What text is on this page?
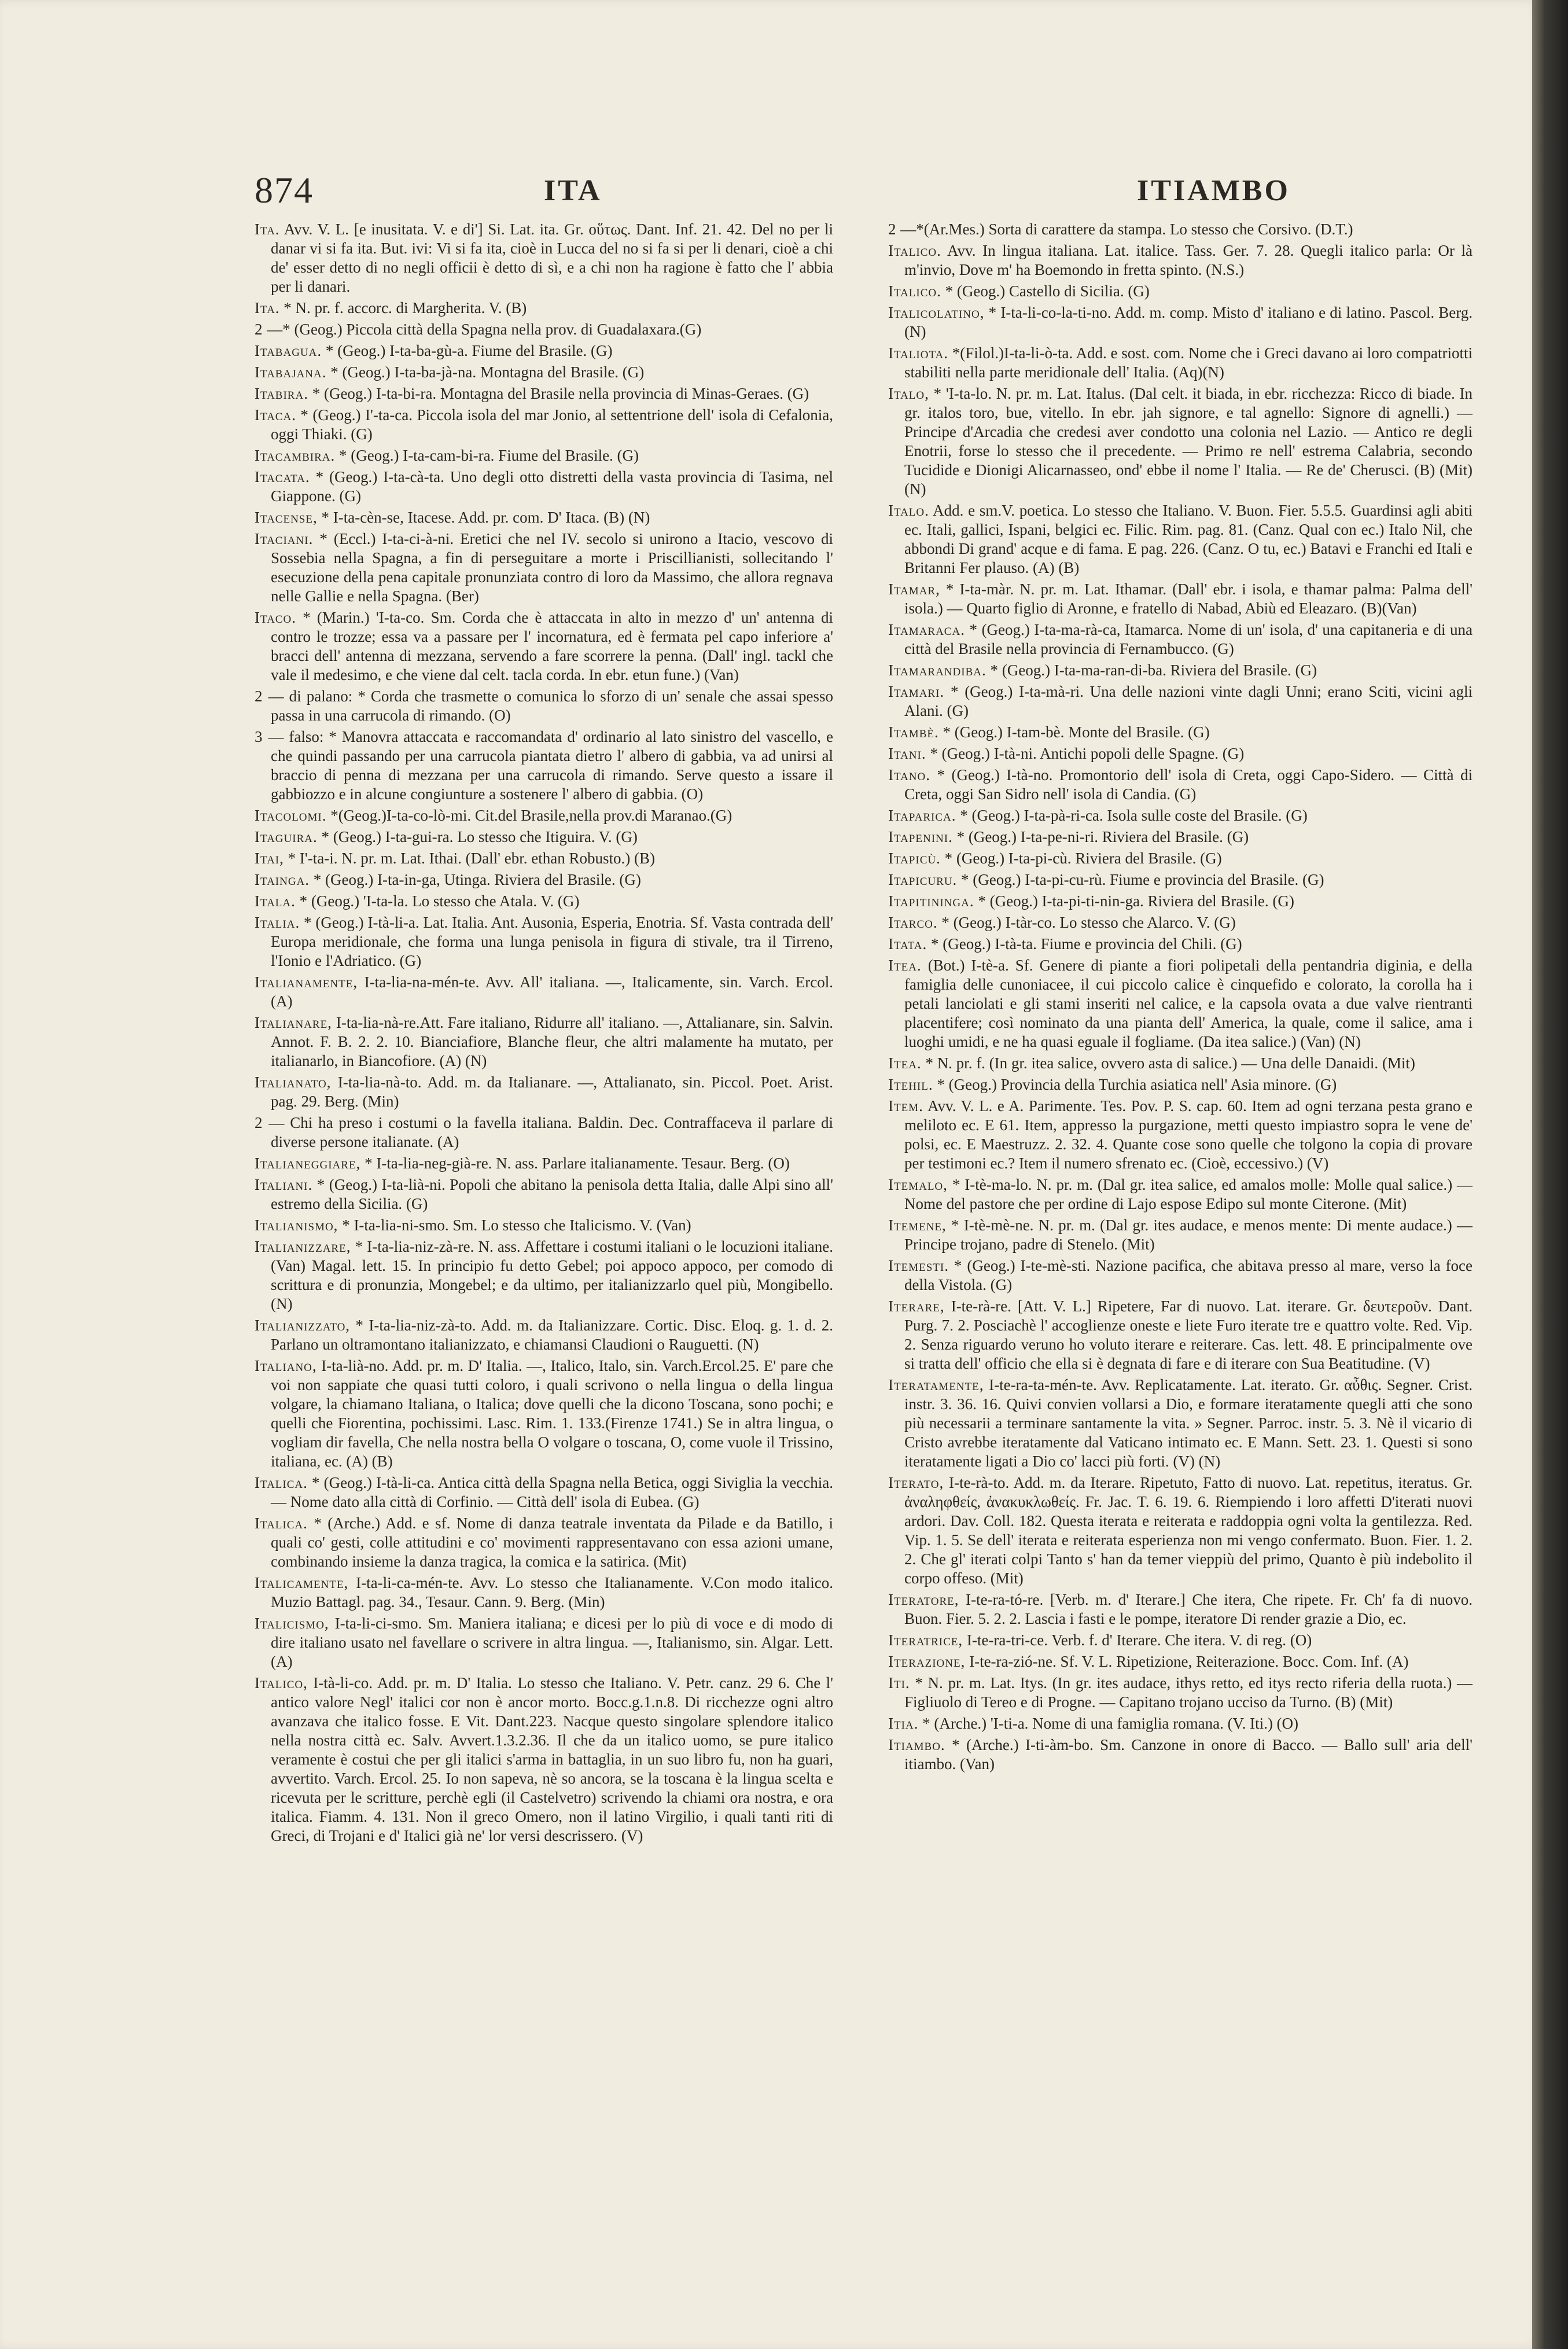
874	ITA	ITIAMBO

Ita. Avv. V. L. [e inusitata. V. e di'] Si. Lat. ita. Gr. οὕτως. Dant. Inf. 21. 42. Del no per li danar vi si fa ita. But. ivi: Vi si fa ita, cioè in Lucca del no si fa si per li denari, cioè a chi de' esser detto di no negli officii è detto di sì, e a chi non ha ragione è fatto che l' abbia per li danari.

Ita. * N. pr. f. accorc. di Margherita. V. (B)

2 —* (Geog.) Piccola città della Spagna nella prov. di Guadalaxara.(G)

Itabagua. * (Geog.) I-ta-ba-gù-a. Fiume del Brasile. (G)

Itabajana. * (Geog.) I-ta-ba-jà-na. Montagna del Brasile. (G)

Itabira. * (Geog.) I-ta-bi-ra. Montagna del Brasile nella provincia di Minas-Geraes. (G)

Itaca. * (Geog.) I'-ta-ca. Piccola isola del mar Jonio, al settentrione dell' isola di Cefalonia, oggi Thiaki. (G)

Itacambira. * (Geog.) I-ta-cam-bi-ra. Fiume del Brasile. (G)

Itacata. * (Geog.) I-ta-cà-ta. Uno degli otto distretti della vasta provincia di Tasima, nel Giappone. (G)

Itacense, * I-ta-cèn-se, Itacese. Add. pr. com. D' Itaca. (B) (N)

Itaciani. * (Eccl.) I-ta-ci-à-ni. Eretici che nel IV. secolo si unirono a Itacio, vescovo di Sossebia nella Spagna, a fin di perseguitare a morte i Priscillianisti, sollecitando l' esecuzione della pena capitale pronunziata contro di loro da Massimo, che allora regnava nelle Gallie e nella Spagna. (Ber)

Itaco. * (Marin.) 'I-ta-co. Sm. Corda che è attaccata in alto in mezzo d' un' antenna di contro le trozze; essa va a passare per l' incornatura, ed è fermata pel capo inferiore a' bracci dell' antenna di mezzana, servendo a fare scorrere la penna. (Dall' ingl. tackl che vale il medesimo, e che viene dal celt. tacla corda. In ebr. etun fune.) (Van)

2 — di palano: * Corda che trasmette o comunica lo sforzo di un' senale che assai spesso passa in una carrucola di rimando. (O)

3 — falso: * Manovra attaccata e raccomandata d' ordinario al lato sinistro del vascello, e che quindi passando per una carrucola piantata dietro l' albero di gabbia, va ad unirsi al braccio di penna di mezzana per una carrucola di rimando. Serve questo a issare il gabbiozzo e in alcune congiunture a sostenere l' albero di gabbia. (O)

Itacolomi. *(Geog.)I-ta-co-lò-mi. Cit.del Brasile,nella prov.di Maranao.(G)

Itaguira. * (Geog.) I-ta-gui-ra. Lo stesso che Itiguira. V. (G)

Itai, * I'-ta-i. N. pr. m. Lat. Ithai. (Dall' ebr. ethan Robusto.) (B)

Itainga. * (Geog.) I-ta-in-ga, Utinga. Riviera del Brasile. (G)

Itala. * (Geog.) 'I-ta-la. Lo stesso che Atala. V. (G)

Italia. * (Geog.) I-tà-li-a. Lat. Italia. Ant. Ausonia, Esperia, Enotria. Sf. Vasta contrada dell' Europa meridionale, che forma una lunga penisola in figura di stivale, tra il Tirreno, l'Ionio e l'Adriatico. (G)

Italianamente, I-ta-lia-na-mén-te. Avv. All' italiana. —, Italicamente, sin. Varch. Ercol. (A)

Italianare, I-ta-lia-nà-re.Att. Fare italiano, Ridurre all' italiano. —, Attalianare, sin. Salvin. Annot. F. B. 2. 2. 10. Bianciafiore, Blanche fleur, che altri malamente ha mutato, per italianarlo, in Biancofiore. (A) (N)

Italianato, I-ta-lia-nà-to. Add. m. da Italianare. —, Attalianato, sin. Piccol. Poet. Arist. pag. 29. Berg. (Min)

2 — Chi ha preso i costumi o la favella italiana. Baldin. Dec. Contraffaceva il parlare di diverse persone italianate. (A)

Italianeggiare, * I-ta-lia-neg-già-re. N. ass. Parlare italianamente. Tesaur. Berg. (O)

Italiani. * (Geog.) I-ta-lià-ni. Popoli che abitano la penisola detta Italia, dalle Alpi sino all' estremo della Sicilia. (G)

Italianismo, * I-ta-lia-ni-smo. Sm. Lo stesso che Italicismo. V. (Van)

Italianizzare, * I-ta-lia-niz-zà-re. N. ass. Affettare i costumi italiani o le locuzioni italiane. (Van) Magal. lett. 15. In principio fu detto Gebel; poi appoco appoco, per comodo di scrittura e di pronunzia, Mongebel; e da ultimo, per italianizzarlo quel più, Mongibello. (N)

Italianizzato, * I-ta-lia-niz-zà-to. Add. m. da Italianizzare. Cortic. Disc. Eloq. g. 1. d. 2. Parlano un oltramontano italianizzato, e chiamansi Claudioni o Rauguetti. (N)

Italiano, I-ta-lià-no. Add. pr. m. D' Italia. —, Italico, Italo, sin. Varch.Ercol.25. E' pare che voi non sappiate che quasi tutti coloro, i quali scrivono o nella lingua o della lingua volgare, la chiamano Italiana, o Italica; dove quelli che la dicono Toscana, sono pochi; e quelli che Fiorentina, pochissimi. Lasc. Rim. 1. 133.(Firenze 1741.) Se in altra lingua, o vogliam dir favella, Che nella nostra bella O volgare o toscana, O, come vuole il Trissino, italiana, ec. (A) (B)

Italica. * (Geog.) I-tà-li-ca. Antica città della Spagna nella Betica, oggi Siviglia la vecchia. — Nome dato alla città di Corfinio. — Città dell' isola di Eubea. (G)

Italica. * (Arche.) Add. e sf. Nome di danza teatrale inventata da Pilade e da Batillo, i quali co' gesti, colle attitudini e co' movimenti rappresentavano con essa azioni umane, combinando insieme la danza tragica, la comica e la satirica. (Mit)

Italicamente, I-ta-li-ca-mén-te. Avv. Lo stesso che Italianamente. V.Con modo italico. Muzio Battagl. pag. 34., Tesaur. Cann. 9. Berg. (Min)

Italicismo, I-ta-li-ci-smo. Sm. Maniera italiana; e dicesi per lo più di voce e di modo di dire italiano usato nel favellare o scrivere in altra lingua. —, Italianismo, sin. Algar. Lett. (A)

Italico, I-tà-li-co. Add. pr. m. D' Italia. Lo stesso che Italiano. V. Petr. canz. 29 6. Che l' antico valore Negl' italici cor non è ancor morto. Bocc.g.1.n.8. Di ricchezze ogni altro avanzava che italico fosse. E Vit. Dant.223. Nacque questo singolare splendore italico nella nostra città ec. Salv. Avvert.1.3.2.36. Il che da un italico uomo, se pure italico veramente è costui che per gli italici s'arma in battaglia, in un suo libro fu, non ha guari, avvertito. Varch. Ercol. 25. Io non sapeva, nè so ancora, se la toscana è la lingua scelta e ricevuta per le scritture, perchè egli (il Castelvetro) scrivendo la chiami ora nostra, e ora italica. Fiamm. 4. 131. Non il greco Omero, non il latino Virgilio, i quali tanti riti di Greci, di Trojani e d' Italici già ne' lor versi descrissero. (V)

2 —*(Ar.Mes.) Sorta di carattere da stampa. Lo stesso che Corsivo. (D.T.)

Italico. Avv. In lingua italiana. Lat. italice. Tass. Ger. 7. 28. Quegli italico parla: Or là m'invio, Dove m' ha Boemondo in fretta spinto. (N.S.)

Italico. * (Geog.) Castello di Sicilia. (G)

Italicolatino, * I-ta-li-co-la-ti-no. Add. m. comp. Misto d' italiano e di latino. Pascol. Berg. (N)

Italiota. *(Filol.)I-ta-li-ò-ta. Add. e sost. com. Nome che i Greci davano ai loro compatriotti stabiliti nella parte meridionale dell' Italia. (Aq)(N)

Italo, * 'I-ta-lo. N. pr. m. Lat. Italus. (Dal celt. it biada, in ebr. ricchezza: Ricco di biade. In gr. italos toro, bue, vitello. In ebr. jah signore, e tal agnello: Signore di agnelli.) — Principe d'Arcadia che credesi aver condotto una colonia nel Lazio. — Antico re degli Enotrii, forse lo stesso che il precedente. — Primo re nell' estrema Calabria, secondo Tucidide e Dionigi Alicarnasseo, ond' ebbe il nome l' Italia. — Re de' Cherusci. (B) (Mit) (N)

Italo. Add. e sm.V. poetica. Lo stesso che Italiano. V. Buon. Fier. 5.5.5. Guardinsi agli abiti ec. Itali, gallici, Ispani, belgici ec. Filic. Rim. pag. 81. (Canz. Qual con ec.) Italo Nil, che abbondi Di grand' acque e di fama. E pag. 226. (Canz. O tu, ec.) Batavi e Franchi ed Itali e Britanni Fer plauso. (A) (B)

Itamar, * I-ta-màr. N. pr. m. Lat. Ithamar. (Dall' ebr. i isola, e thamar palma: Palma dell' isola.) — Quarto figlio di Aronne, e fratello di Nabad, Abiù ed Eleazaro. (B)(Van)

Itamaraca. * (Geog.) I-ta-ma-rà-ca, Itamarca. Nome di un' isola, d' una capitaneria e di una città del Brasile nella provincia di Fernambucco. (G)

Itamarandiba. * (Geog.) I-ta-ma-ran-di-ba. Riviera del Brasile. (G)

Itamari. * (Geog.) I-ta-mà-ri. Una delle nazioni vinte dagli Unni; erano Sciti, vicini agli Alani. (G)

Itambè. * (Geog.) I-tam-bè. Monte del Brasile. (G)

Itani. * (Geog.) I-tà-ni. Antichi popoli delle Spagne. (G)

Itano. * (Geog.) I-tà-no. Promontorio dell' isola di Creta, oggi Capo-Sidero. — Città di Creta, oggi San Sidro nell' isola di Candia. (G)

Itaparica. * (Geog.) I-ta-pà-ri-ca. Isola sulle coste del Brasile. (G)

Itapenini. * (Geog.) I-ta-pe-ni-ri. Riviera del Brasile. (G)

Itapicù. * (Geog.) I-ta-pi-cù. Riviera del Brasile. (G)

Itapicuru. * (Geog.) I-ta-pi-cu-rù. Fiume e provincia del Brasile. (G)

Itapitininga. * (Geog.) I-ta-pi-ti-nin-ga. Riviera del Brasile. (G)

Itarco. * (Geog.) I-tàr-co. Lo stesso che Alarco. V. (G)

Itata. * (Geog.) I-tà-ta. Fiume e provincia del Chili. (G)

Itea. (Bot.) I-tè-a. Sf. Genere di piante a fiori polipetali della pentandria diginia, e della famiglia delle cunoniacee, il cui piccolo calice è cinquefido e colorato, la corolla ha i petali lanciolati e gli stami inseriti nel calice, e la capsola ovata a due valve rientranti placentifere; così nominato da una pianta dell' America, la quale, come il salice, ama i luoghi umidi, e ne ha quasi eguale il fogliame. (Da itea salice.) (Van) (N)

Itea. * N. pr. f. (In gr. itea salice, ovvero asta di salice.) — Una delle Danaidi. (Mit)

Itehil. * (Geog.) Provincia della Turchia asiatica nell' Asia minore. (G)

Item. Avv. V. L. e A. Parimente. Tes. Pov. P. S. cap. 60. Item ad ogni terzana pesta grano e meliloto ec. E 61. Item, appresso la purgazione, metti questo impiastro sopra le vene de' polsi, ec. E Maestruzz. 2. 32. 4. Quante cose sono quelle che tolgono la copia di provare per testimoni ec.? Item il numero sfrenato ec. (Cioè, eccessivo.) (V)

Itemalo, * I-tè-ma-lo. N. pr. m. (Dal gr. itea salice, ed amalos molle: Molle qual salice.) — Nome del pastore che per ordine di Lajo espose Edipo sul monte Citerone. (Mit)

Itemene, * I-tè-mè-ne. N. pr. m. (Dal gr. ites audace, e menos mente: Di mente audace.) — Principe trojano, padre di Stenelo. (Mit)

Itemesti. * (Geog.) I-te-mè-sti. Nazione pacifica, che abitava presso al mare, verso la foce della Vistola. (G)

Iterare, I-te-rà-re. [Att. V. L.] Ripetere, Far di nuovo. Lat. iterare. Gr. δευτεροῦν. Dant. Purg. 7. 2. Posciachè l' accoglienze oneste e liete Furo iterate tre e quattro volte. Red. Vip. 2. Senza riguardo veruno ho voluto iterare e reiterare. Cas. lett. 48. E principalmente ove si tratta dell' officio che ella si è degnata di fare e di iterare con Sua Beatitudine. (V)

Iteratamente, I-te-ra-ta-mén-te. Avv. Replicatamente. Lat. iterato. Gr. αὖθις. Segner. Crist. instr. 3. 36. 16. Quivi convien vollarsi a Dio, e formare iteratamente quegli atti che sono più necessarii a terminare santamente la vita. » Segner. Parroc. instr. 5. 3. Nè il vicario di Cristo avrebbe iteratamente dal Vaticano intimato ec. E Mann. Sett. 23. 1. Questi si sono iteratamente ligati a Dio co' lacci più forti. (V) (N)

Iterato, I-te-rà-to. Add. m. da Iterare. Ripetuto, Fatto di nuovo. Lat. repetitus, iteratus. Gr. ἀναληφθείς, ἀνακυκλωθείς. Fr. Jac. T. 6. 19. 6. Riempiendo i loro affetti D'iterati nuovi ardori. Dav. Coll. 182. Questa iterata e reiterata e raddoppia ogni volta la gentilezza. Red. Vip. 1. 5. Se dell' iterata e reiterata esperienza non mi vengo confermato. Buon. Fier. 1. 2. 2. Che gl' iterati colpi Tanto s' han da temer vieppiù del primo, Quanto è più indebolito il corpo offeso. (Mit)

Iteratore, I-te-ra-tó-re. [Verb. m. d' Iterare.] Che itera, Che ripete. Fr. Ch' fa di nuovo. Buon. Fier. 5. 2. 2. Lascia i fasti e le pompe, iteratore Di render grazie a Dio, ec.

Iteratrice, I-te-ra-tri-ce. Verb. f. d' Iterare. Che itera. V. di reg. (O)

Iterazione, I-te-ra-zió-ne. Sf. V. L. Ripetizione, Reiterazione. Bocc. Com. Inf. (A)

Iti. * N. pr. m. Lat. Itys. (In gr. ites audace, ithys retto, ed itys recto riferia della ruota.) — Figliuolo di Tereo e di Progne. — Capitano trojano ucciso da Turno. (B) (Mit)

Itia. * (Arche.) 'I-ti-a. Nome di una famiglia romana. (V. Iti.) (O)

Itiambo. * (Arche.) I-ti-àm-bo. Sm. Canzone in onore di Bacco. — Ballo sull' aria dell' itiambo. (Van)
